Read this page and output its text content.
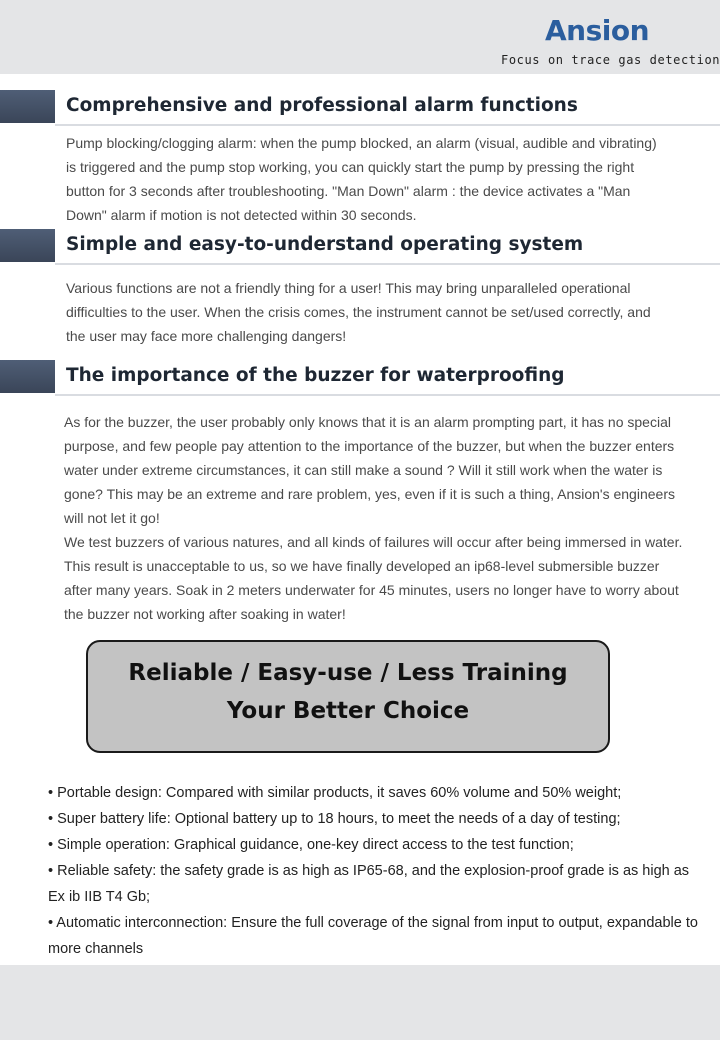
Ansion
Focus on trace gas detection
Comprehensive and professional alarm functions
Pump blocking/clogging alarm: when the pump blocked, an alarm (visual, audible and vibrating) is triggered and the pump stop working, you can quickly start the pump by pressing the right button for 3 seconds after troubleshooting. "Man Down" alarm : the device activates a "Man Down" alarm if motion is not detected within 30 seconds.
Simple and easy-to-understand operating system
Various functions are not a friendly thing for a user! This may bring unparalleled operational difficulties to the user. When the crisis comes, the instrument cannot be set/used correctly, and the user may face more challenging dangers!
The importance of the buzzer for waterproofing
As for the buzzer, the user probably only knows that it is an alarm prompting part, it has no special purpose, and few people pay attention to the importance of the buzzer, but when the buzzer enters water under extreme circumstances, it can still make a sound ? Will it still work when the water is gone? This may be an extreme and rare problem, yes, even if it is such a thing, Ansion's engineers will not let it go!
We test buzzers of various natures, and all kinds of failures will occur after being immersed in water. This result is unacceptable to us, so we have finally developed an ip68-level submersible buzzer after many years. Soak in 2 meters underwater for 45 minutes, users no longer have to worry about the buzzer not working after soaking in water!
Reliable / Easy-use / Less Training
Your Better Choice
• Portable design: Compared with similar products, it saves 60% volume and 50% weight;
• Super battery life: Optional battery up to 18 hours, to meet the needs of a day of testing;
• Simple operation: Graphical guidance, one-key direct access to the test function;
• Reliable safety: the safety grade is as high as IP65-68, and the explosion-proof grade is as high as Ex ib IIB T4 Gb;
• Automatic interconnection: Ensure the full coverage of the signal from input to output, expandable to more channels
